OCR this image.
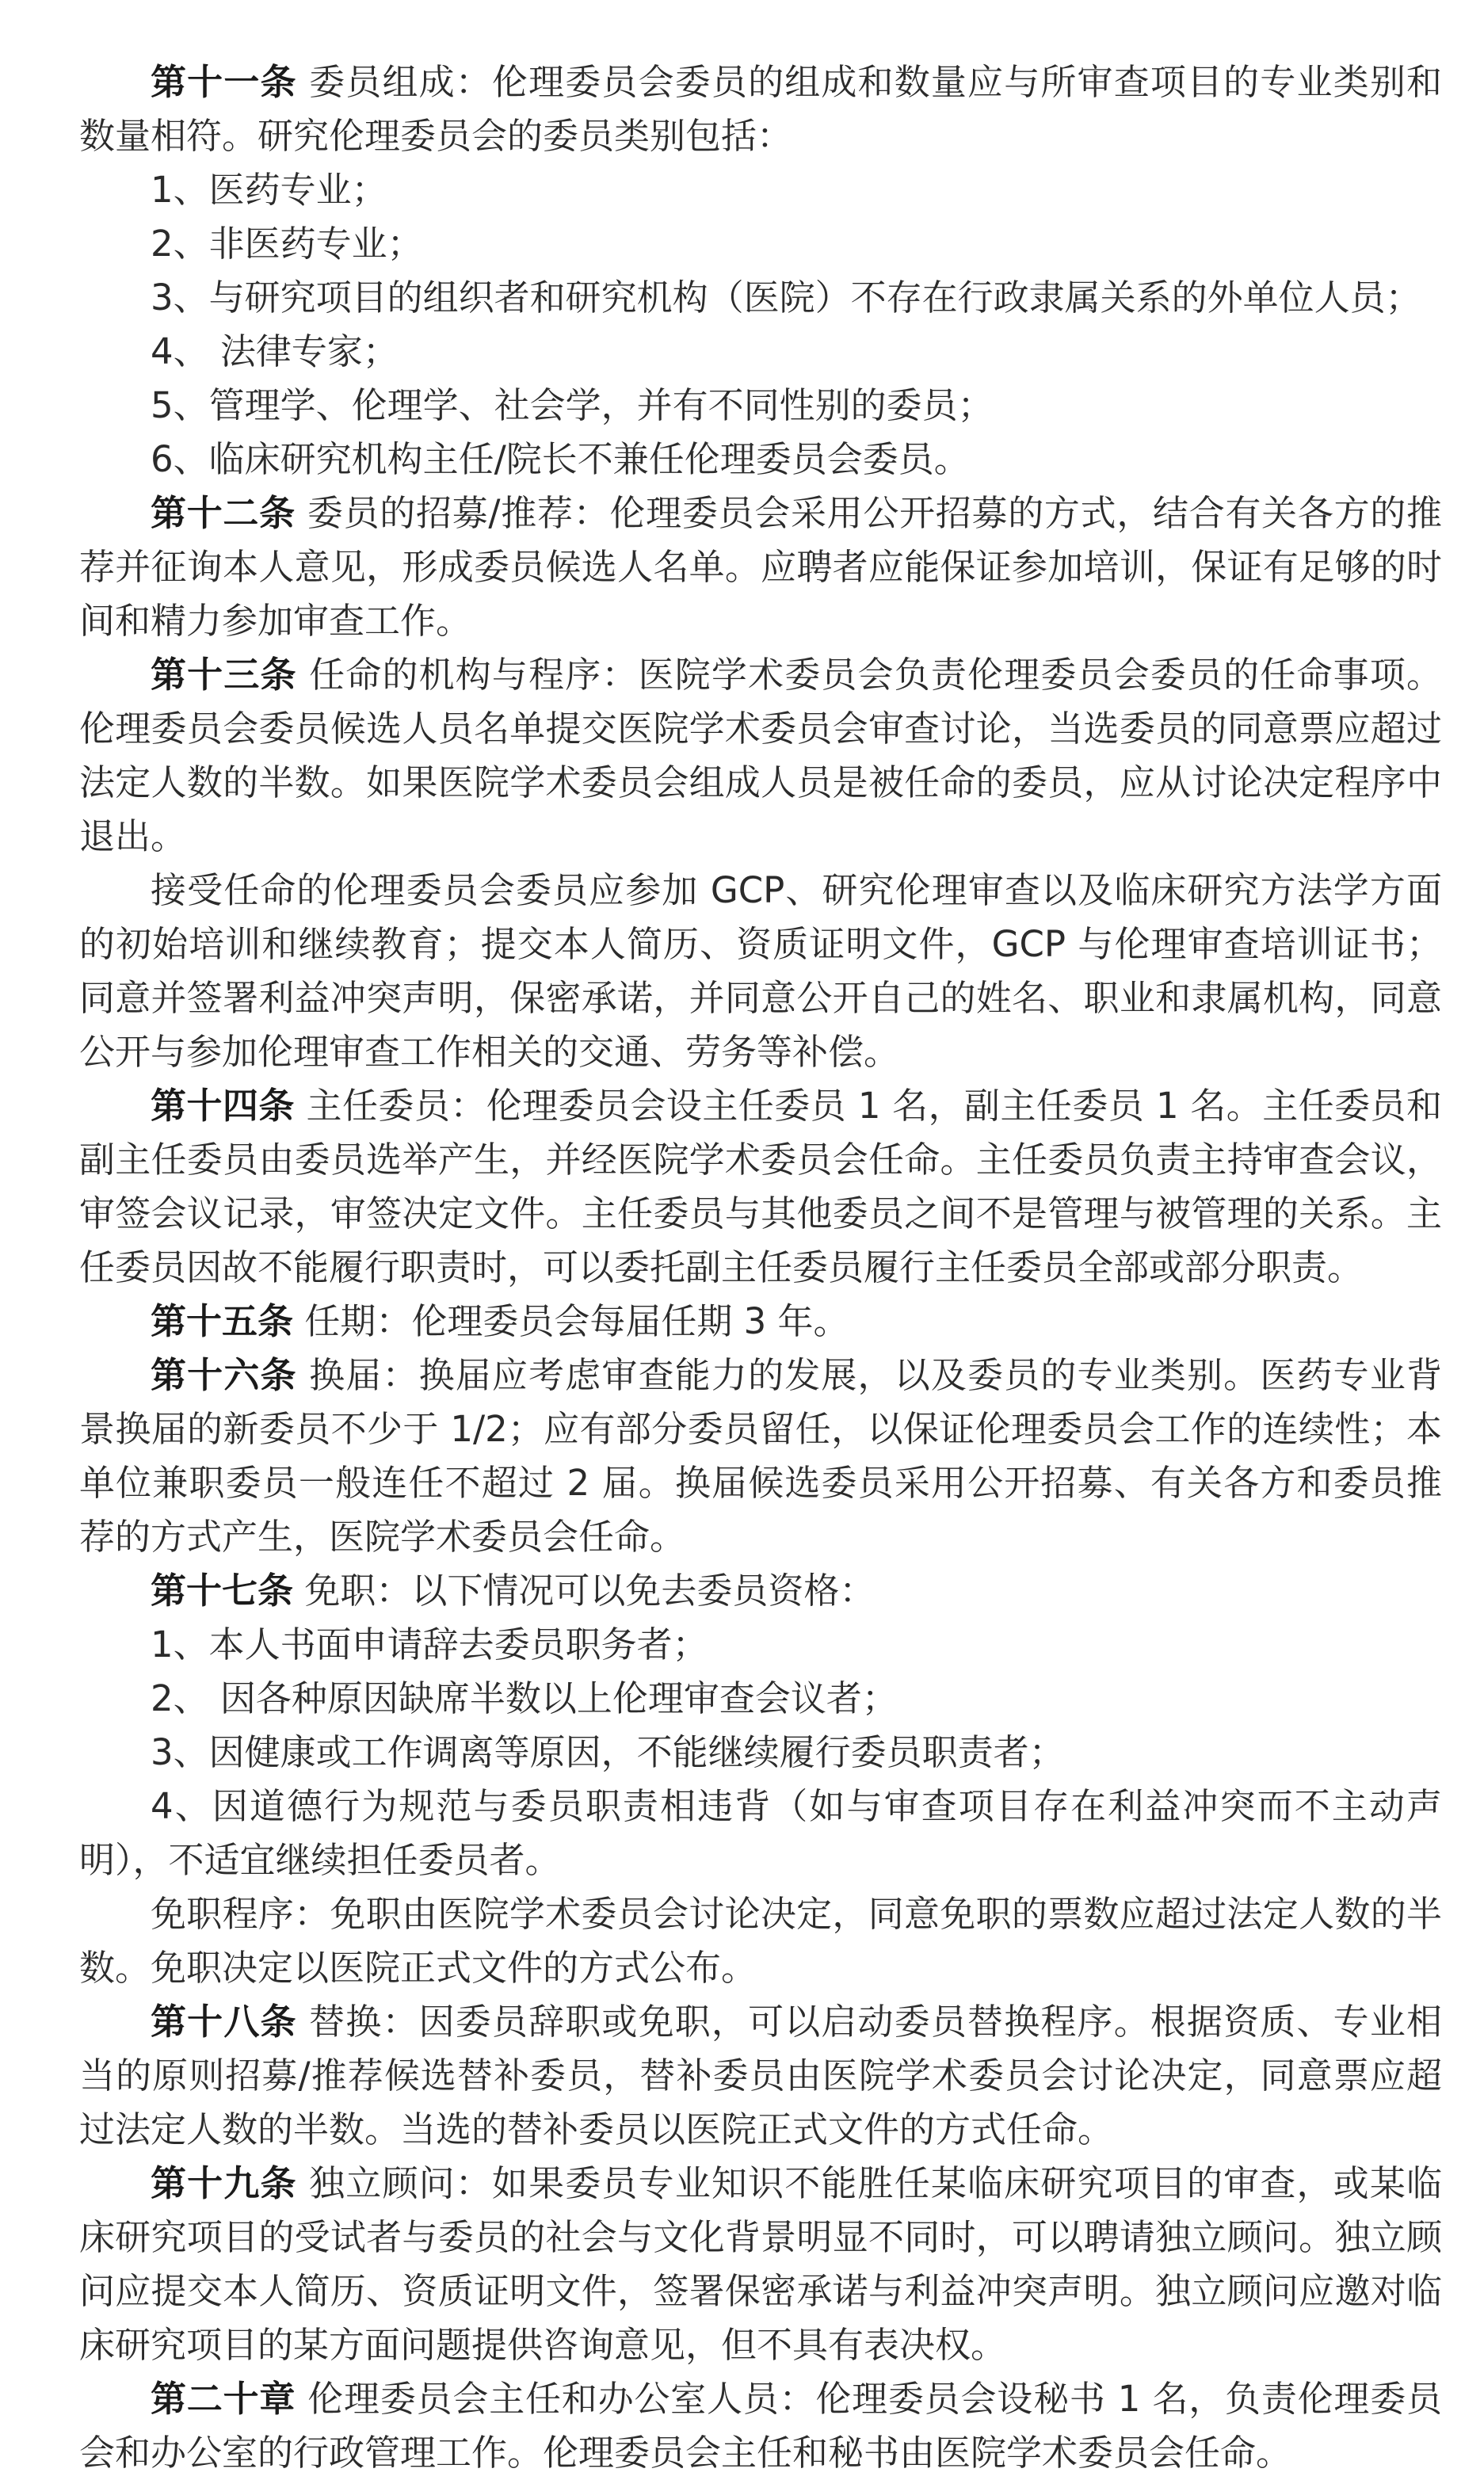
第十一条 委员组成：伦理委员会委员的组成和数量应与所审查项目的专业类别和数量相符。研究伦理委员会的委员类别包括：

1、医药专业；

2、非医药专业；

3、与研究项目的组织者和研究机构（医院）不存在行政隶属关系的外单位人员；

4、 法律专家；

5、管理学、伦理学、社会学，并有不同性别的委员；

6、临床研究机构主任/院长不兼任伦理委员会委员。

第十二条 委员的招募/推荐：伦理委员会采用公开招募的方式，结合有关各方的推荐并征询本人意见，形成委员候选人名单。应聘者应能保证参加培训，保证有足够的时间和精力参加审查工作。

第十三条 任命的机构与程序：医院学术委员会负责伦理委员会委员的任命事项。伦理委员会委员候选人员名单提交医院学术委员会审查讨论，当选委员的同意票应超过法定人数的半数。如果医院学术委员会组成人员是被任命的委员，应从讨论决定程序中退出。

接受任命的伦理委员会委员应参加 GCP、研究伦理审查以及临床研究方法学方面的初始培训和继续教育；提交本人简历、资质证明文件，GCP 与伦理审查培训证书；同意并签署利益冲突声明，保密承诺，并同意公开自己的姓名、职业和隶属机构，同意公开与参加伦理审查工作相关的交通、劳务等补偿。

第十四条 主任委员：伦理委员会设主任委员 1 名，副主任委员 1 名。主任委员和副主任委员由委员选举产生，并经医院学术委员会任命。主任委员负责主持审查会议，审签会议记录，审签决定文件。主任委员与其他委员之间不是管理与被管理的关系。主任委员因故不能履行职责时，可以委托副主任委员履行主任委员全部或部分职责。

第十五条 任期：伦理委员会每届任期 3 年。

第十六条 换届：换届应考虑审查能力的发展，以及委员的专业类别。医药专业背景换届的新委员不少于 1/2；应有部分委员留任，以保证伦理委员会工作的连续性；本单位兼职委员一般连任不超过 2 届。换届候选委员采用公开招募、有关各方和委员推荐的方式产生，医院学术委员会任命。

第十七条 免职：以下情况可以免去委员资格：

1、本人书面申请辞去委员职务者；

2、 因各种原因缺席半数以上伦理审查会议者；

3、因健康或工作调离等原因，不能继续履行委员职责者；

4、因道德行为规范与委员职责相违背（如与审查项目存在利益冲突而不主动声明），不适宜继续担任委员者。

免职程序：免职由医院学术委员会讨论决定，同意免职的票数应超过法定人数的半数。免职决定以医院正式文件的方式公布。

第十八条 替换：因委员辞职或免职，可以启动委员替换程序。根据资质、专业相当的原则招募/推荐候选替补委员，替补委员由医院学术委员会讨论决定，同意票应超过法定人数的半数。当选的替补委员以医院正式文件的方式任命。

第十九条 独立顾问：如果委员专业知识不能胜任某临床研究项目的审查，或某临床研究项目的受试者与委员的社会与文化背景明显不同时，可以聘请独立顾问。独立顾问应提交本人简历、资质证明文件，签署保密承诺与利益冲突声明。独立顾问应邀对临床研究项目的某方面问题提供咨询意见，但不具有表决权。

第二十章 伦理委员会主任和办公室人员：伦理委员会设秘书 1 名，负责伦理委员会和办公室的行政管理工作。伦理委员会主任和秘书由医院学术委员会任命。
